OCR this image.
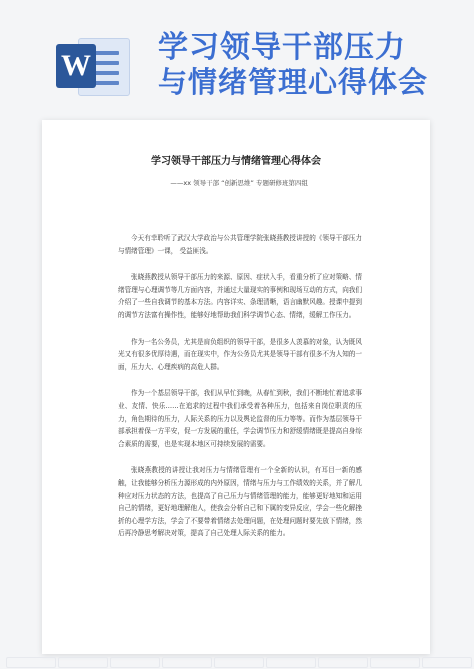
W
学习领导干部压力
与情绪管理心得体会
学习领导干部压力与情绪管理心得体会
——xx 领导干部 “创新思维” 专题研修班第四组

今天有幸聆听了武汉大学政治与公共管理学院张晓燕教授讲授的《领导干部压力与情绪管理》一课， 受益匪浅。

张晓燕教授从领导干部压力的来源、原因、症状入手，看重分析了应对策略、情绪管理与心理调节等几方面内容，并通过大量现实的事例和现场互动的方式，向我们介绍了一些自我调节的基本方法。内容详实、条理清晰，语言幽默风趣。授课中提到的调节方法富有操作性，能够好地帮助我们科学调节心态、情绪，缓解工作压力。

作为一名公务员，尤其是肩负组织的领导干部，是很多人羡慕的对象，认为既风光又有很多优厚待遇，而在现实中，作为公务员尤其是领导干部有很多不为人知的一面，压力大、心理疾病的高危人群。

作为一个基层领导干部，我们从早忙到晚，从春忙到秋，我们不断地忙着追求事业、友情、快乐……在追求的过程中我们承受着各种压力，包括来自岗位职责的压力，角色期待的压力，人际关系的压力以及舆论监督的压力等等。而作为基层领导干部承担着保一方平安，促一方发展的重任，学会调节压力和舒缓情绪既是提高自身综合素质的需要，也是实现本地区可持续发展的需要。

张晓燕教授的讲授让我对压力与情绪管理有一个全新的认识，有耳目一新的感触，让我能够分析压力源形成的内外原因，情绪与压力与工作绩效的关系，并了解几种应对压力状态的方法，也提高了自己压力与情绪管理的能力，能够更好地知和运用自己的情绪，更好地理解他人，使我会分析自己和下属的变异反应，学会一些化解挫折的心理学方法，学会了不要带着情绪去处理问题，在处理问题时要先放下情绪，然后再冷静思考解决对策，提高了自己处理人际关系的能力。
